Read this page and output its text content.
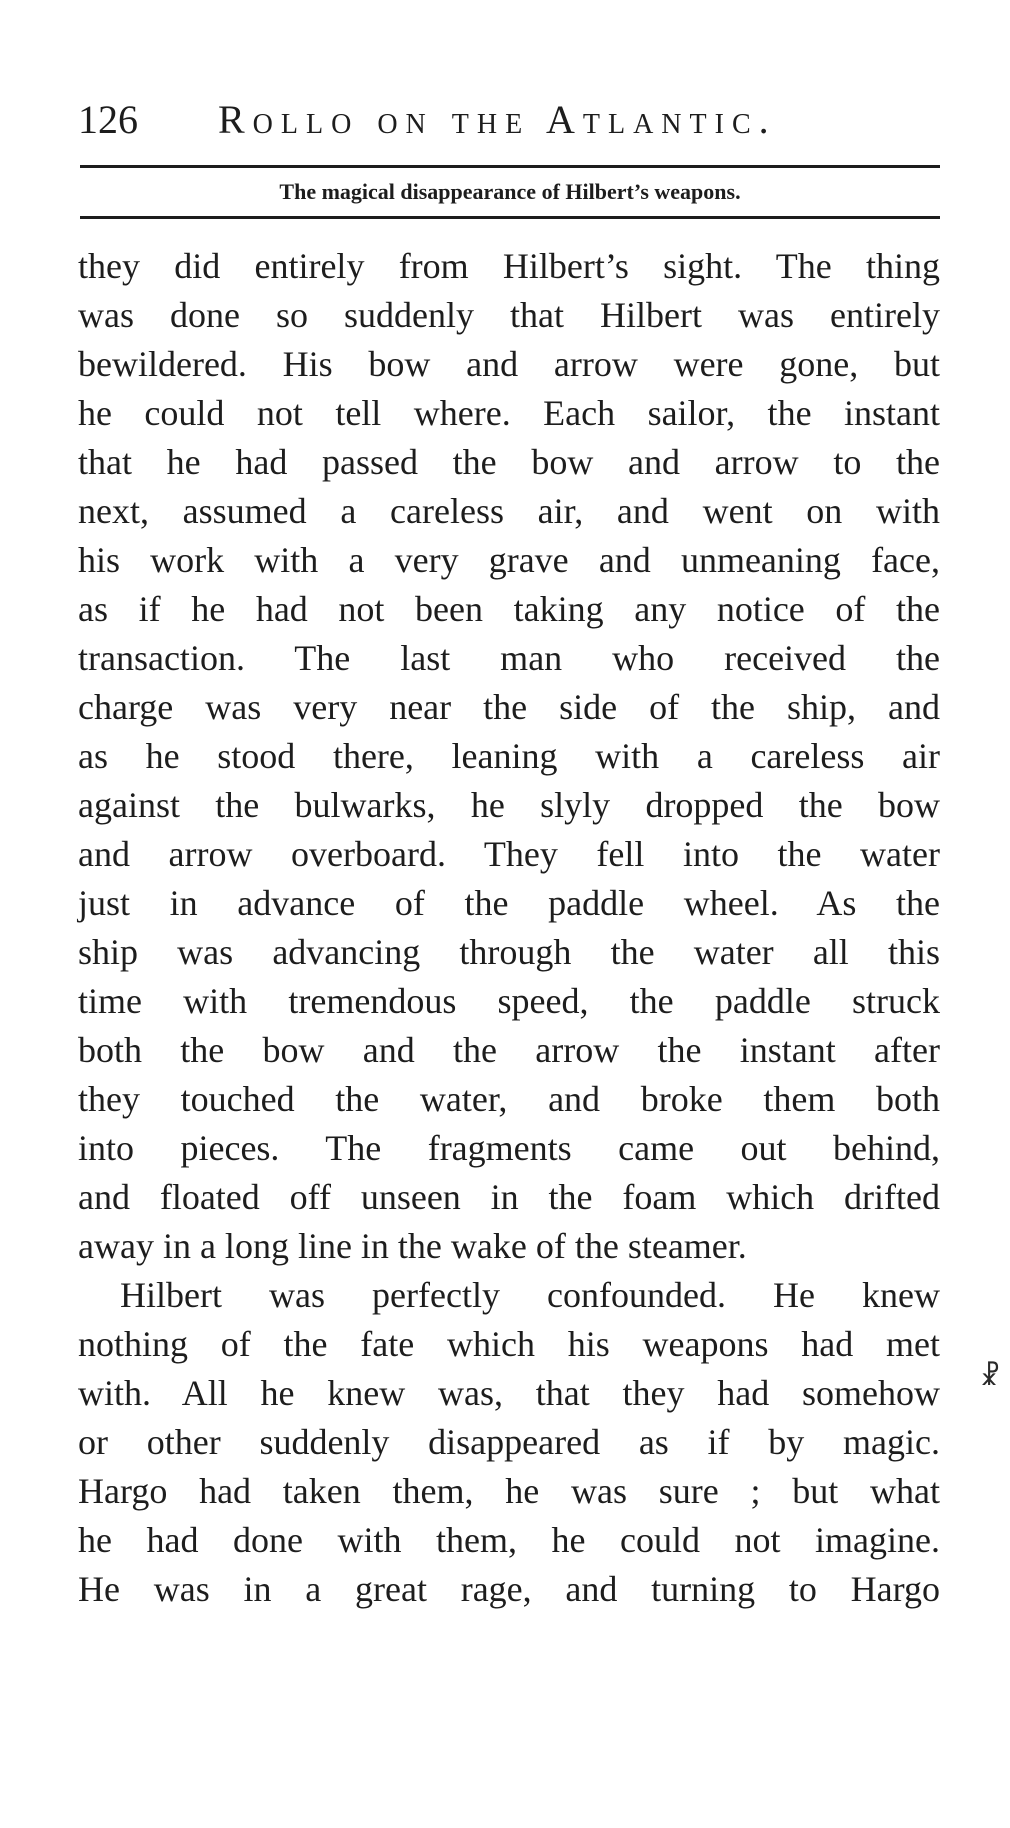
126 Rollo on the Atlantic.
The magical disappearance of Hilbert’s weapons.
they did entirely from Hilbert’s sight. The thing
was done so suddenly that Hilbert was entirely
bewildered. His bow and arrow were gone, but
he could not tell where. Each sailor, the instant
that he had passed the bow and arrow to the
next, assumed a careless air, and went on with
his work with a very grave and unmeaning face,
as if he had not been taking any notice of the
transaction. The last man who received the
charge was very near the side of the ship, and
as he stood there, leaning with a careless air
against the bulwarks, he slyly dropped the bow
and arrow overboard. They fell into the water
just in advance of the paddle wheel. As the
ship was advancing through the water all this
time with tremendous speed, the paddle struck
both the bow and the arrow the instant after
they touched the water, and broke them both
into pieces. The fragments came out behind,
and floated off unseen in the foam which drifted
away in a long line in the wake of the steamer.
Hilbert was perfectly confounded. He knew
nothing of the fate which his weapons had met
with. All he knew was, that they had somehow
or other suddenly disappeared as if by magic.
Hargo had taken them, he was sure ; but what
he had done with them, he could not imagine.
He was in a great rage, and turning to Hargo
☧
